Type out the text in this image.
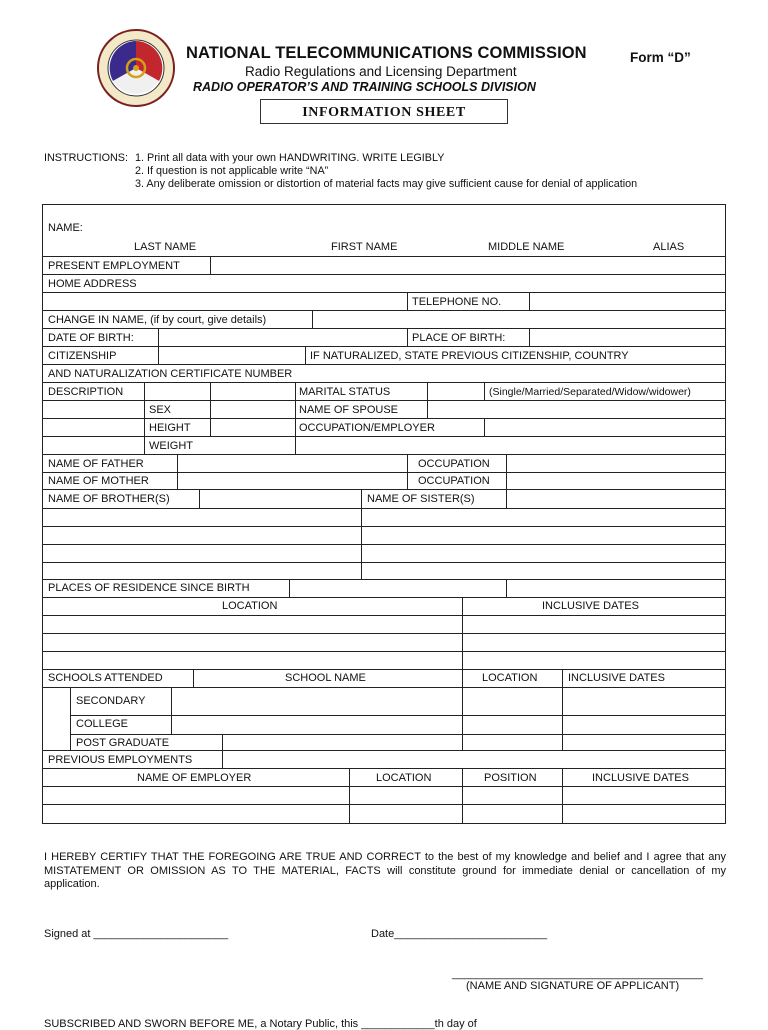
NATIONAL TELECOMMUNICATIONS COMMISSION
Radio Regulations and Licensing Department
RADIO OPERATOR’S AND TRAINING SCHOOLS DIVISION
Form “D”
INFORMATION SHEET
INSTRUCTIONS: 1. Print all data with your own HANDWRITING. WRITE LEGIBLY
2. If question is not applicable write “NA”
3. Any deliberate omission or distortion of material facts may give sufficient cause for denial of application
NAME:
LAST NAME	FIRST NAME	MIDDLE NAME	ALIAS
PRESENT EMPLOYMENT
HOME ADDRESS
TELEPHONE NO.
CHANGE IN NAME, (if by court, give details)
DATE OF BIRTH:	PLACE OF BIRTH:
CITIZENSHIP	IF NATURALIZED, STATE PREVIOUS CITIZENSHIP, COUNTRY
AND NATURALIZATION CERTIFICATE NUMBER
DESCRIPTION	MARITAL STATUS	(Single/Married/Separated/Widow/widower)
SEX	NAME OF SPOUSE
HEIGHT	OCCUPATION/EMPLOYER
WEIGHT
NAME OF FATHER	OCCUPATION
NAME OF MOTHER	OCCUPATION
NAME OF BROTHER(S)	NAME OF SISTER(S)
PLACES OF RESIDENCE SINCE BIRTH
LOCATION	INCLUSIVE DATES
SCHOOLS ATTENDED	SCHOOL NAME	LOCATION	INCLUSIVE DATES
SECONDARY
COLLEGE
POST GRADUATE
PREVIOUS EMPLOYMENTS
NAME OF EMPLOYER	LOCATION	POSITION	INCLUSIVE DATES
I HEREBY CERTIFY THAT THE FOREGOING ARE TRUE AND CORRECT to the best of my knowledge and belief and I agree that any MISTATEMENT OR OMISSION AS TO THE MATERIAL, FACTS will constitute ground for immediate denial or cancellation of my application.
Signed at ______________________	Date_________________________
_________________________________________
(NAME AND SIGNATURE OF APPLICANT)
SUBSCRIBED AND SWORN BEFORE ME, a Notary Public, this ____________th day of
